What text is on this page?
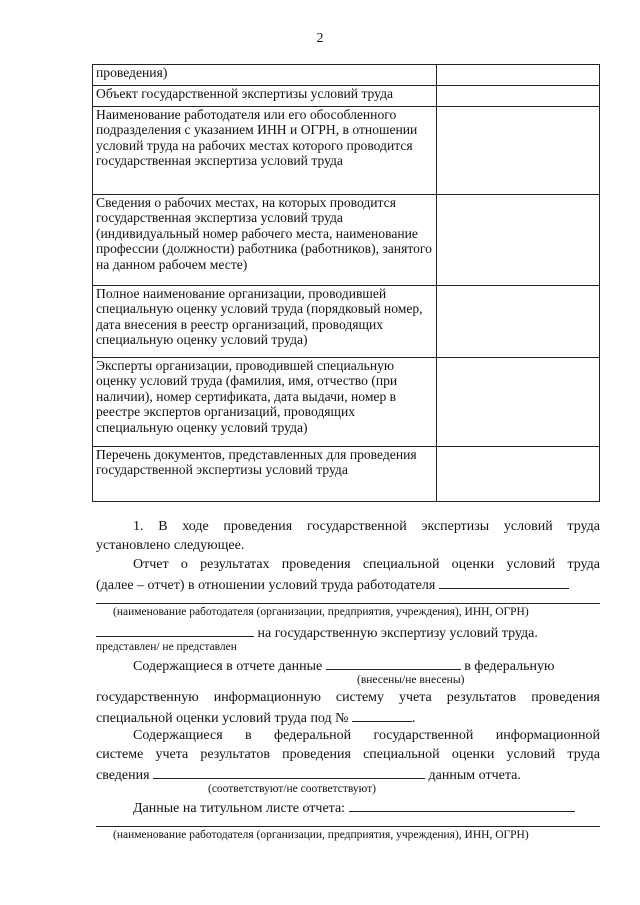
2
проведения)	
Объект государственной экспертизы условий труда	
Наименование работодателя или его обособленного подразделения с указанием ИНН и ОГРН, в отношении условий труда на рабочих местах которого проводится государственная экспертиза условий труда	
Сведения о рабочих местах, на которых проводится государственная экспертиза условий труда (индивидуальный номер рабочего места, наименование профессии (должности) работника (работников), занятого на данном рабочем месте)	
Полное наименование организации, проводившей специальную оценку условий труда (порядковый номер, дата внесения в реестр организаций, проводящих специальную оценку условий труда)	
Эксперты организации, проводившей специальную оценку условий труда (фамилия, имя, отчество (при наличии), номер сертификата, дата выдачи, номер в реестре экспертов организаций, проводящих специальную оценку условий труда)	
Перечень документов, представленных для проведения государственной экспертизы условий труда	
1. В ходе проведения государственной экспертизы условий труда
установлено следующее.
Отчет о результатах проведения специальной оценки условий труда
(далее – отчет) в отношении условий труда работодателя
(наименование работодателя (организации, предприятия, учреждения), ИНН, ОГРН)
на государственную экспертизу условий труда.
представлен/ не представлен
Содержащиеся в отчете данные	в федеральную
(внесены/не внесены)
государственную информационную систему учета результатов проведения
специальной оценки условий труда под №	.
Содержащиеся в федеральной государственной информационной
системе учета результатов проведения специальной оценки условий труда
сведения	данным отчета.
(соответствуют/не соответствуют)
Данные на титульном листе отчета:
(наименование работодателя (организации, предприятия, учреждения), ИНН, ОГРН)
